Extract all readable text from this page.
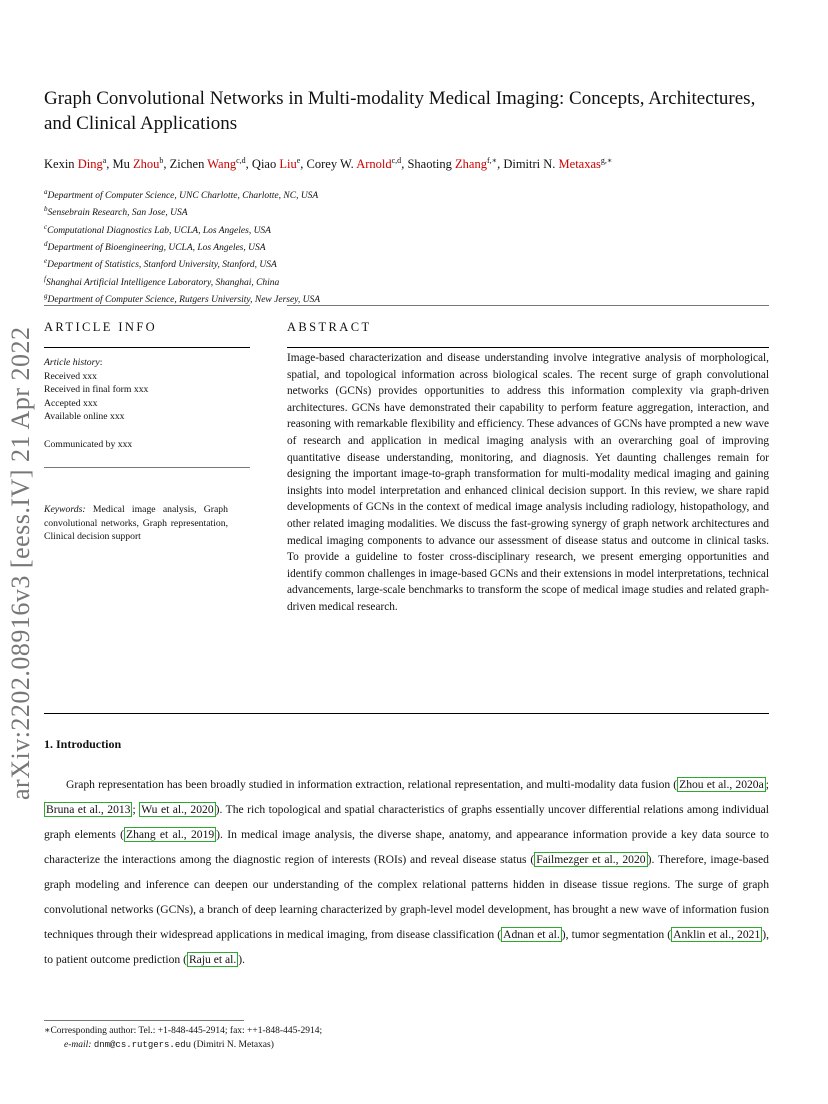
arXiv:2202.08916v3 [eess.IV] 21 Apr 2022
Graph Convolutional Networks in Multi-modality Medical Imaging: Concepts, Architectures, and Clinical Applications
Kexin Ding$^a$, Mu Zhou$^b$, Zichen Wang$^{c,d}$, Qiao Liu$^e$, Corey W. Arnold$^{c,d}$, Shaoting Zhang$^{f,∗}$, Dimitri N. Metaxas$^{g,∗}$
$^a$Department of Computer Science, UNC Charlotte, Charlotte, NC, USA
$^b$Sensebrain Research, San Jose, USA
$^c$Computational Diagnostics Lab, UCLA, Los Angeles, USA
$^d$Department of Bioengineering, UCLA, Los Angeles, USA
$^e$Department of Statistics, Stanford University, Stanford, USA
$^f$Shanghai Artificial Intelligence Laboratory, Shanghai, China
$^g$Department of Computer Science, Rutgers University, New Jersey, USA
ARTICLE INFO
Article history:
Received xxx
Received in final form xxx
Accepted xxx
Available online xxx
Communicated by xxx
Keywords: Medical image analysis, Graph convolutional networks, Graph representation, Clinical decision support
ABSTRACT
Image-based characterization and disease understanding involve integrative analysis of morphological, spatial, and topological information across biological scales. The recent surge of graph convolutional networks (GCNs) provides opportunities to address this information complexity via graph-driven architectures. GCNs have demonstrated their capability to perform feature aggregation, interaction, and reasoning with remarkable flexibility and efficiency. These advances of GCNs have prompted a new wave of research and application in medical imaging analysis with an overarching goal of improving quantitative disease understanding, monitoring, and diagnosis. Yet daunting challenges remain for designing the important image-to-graph transformation for multi-modality medical imaging and gaining insights into model interpretation and enhanced clinical decision support. In this review, we share rapid developments of GCNs in the context of medical image analysis including radiology, histopathology, and other related imaging modalities. We discuss the fast-growing synergy of graph network architectures and medical imaging components to advance our assessment of disease status and outcome in clinical tasks. To provide a guideline to foster cross-disciplinary research, we present emerging opportunities and identify common challenges in image-based GCNs and their extensions in model interpretations, technical advancements, large-scale benchmarks to transform the scope of medical image studies and related graph-driven medical research.
1. Introduction
Graph representation has been broadly studied in information extraction, relational representation, and multi-modality data fusion ( Zhou et al., 2020a ; Bruna et al., 2013 ; Wu et al., 2020 ). The rich topological and spatial characteristics of graphs essentially uncover differential relations among individual graph elements ( Zhang et al., 2019 ). In medical image analysis, the diverse shape, anatomy, and appearance information provide a key data source to characterize the interactions among the diagnostic region of interests (ROIs) and reveal disease status ( Failmezger et al., 2020 ). Therefore, image-based graph modeling and inference can deepen our understanding of the complex relational patterns hidden in disease tissue regions. The surge of graph convolutional networks (GCNs), a branch of deep learning characterized by graph-level model development, has brought a new wave of information fusion techniques through their widespread applications in medical imaging, from disease classification ( Adnan et al. ), tumor segmentation ( Anklin et al., 2021 ), to patient outcome prediction ( Raju et al. ).
∗Corresponding author: Tel.: +1-848-445-2914; fax: ++1-848-445-2914;
e-mail: dnm@cs.rutgers.edu (Dimitri N. Metaxas)
